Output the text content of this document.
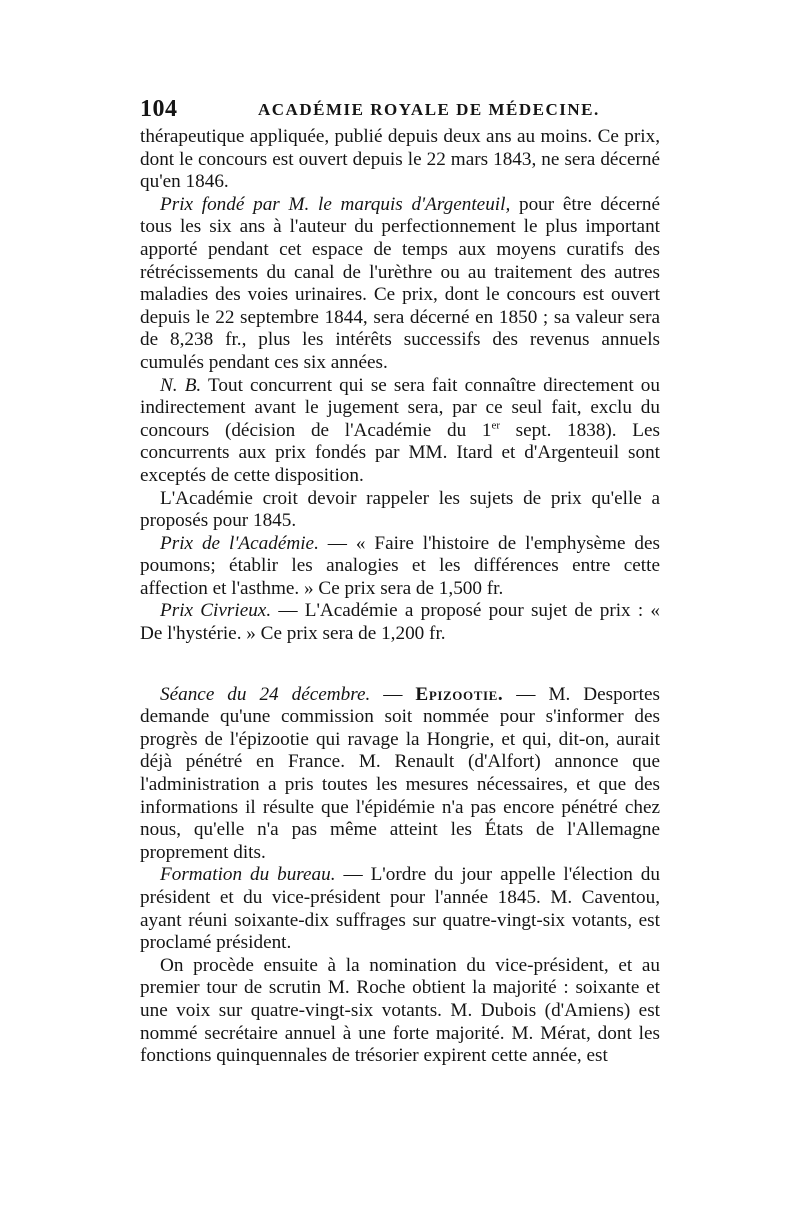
104	ACADÉMIE ROYALE DE MÉDECINE.

thérapeutique appliquée, publié depuis deux ans au moins. Ce prix, dont le concours est ouvert depuis le 22 mars 1843, ne sera décerné qu'en 1846.

Prix fondé par M. le marquis d'Argenteuil, pour être décerné tous les six ans à l'auteur du perfectionnement le plus important apporté pendant cet espace de temps aux moyens curatifs des rétrécissements du canal de l'urèthre ou au traitement des autres maladies des voies urinaires. Ce prix, dont le concours est ouvert depuis le 22 septembre 1844, sera décerné en 1850 ; sa valeur sera de 8,238 fr., plus les intérêts successifs des revenus annuels cumulés pendant ces six années.

N. B. Tout concurrent qui se sera fait connaître directement ou indirectement avant le jugement sera, par ce seul fait, exclu du concours (décision de l'Académie du 1er sept. 1838). Les concurrents aux prix fondés par MM. Itard et d'Argenteuil sont exceptés de cette disposition.

L'Académie croit devoir rappeler les sujets de prix qu'elle a proposés pour 1845.

Prix de l'Académie. — « Faire l'histoire de l'emphysème des poumons; établir les analogies et les différences entre cette affection et l'asthme. » Ce prix sera de 1,500 fr.

Prix Civrieux. — L'Académie a proposé pour sujet de prix : « De l'hystérie. » Ce prix sera de 1,200 fr.

Séance du 24 décembre. — Epizootie. — M. Desportes demande qu'une commission soit nommée pour s'informer des progrès de l'épizootie qui ravage la Hongrie, et qui, dit-on, aurait déjà pénétré en France. M. Renault (d'Alfort) annonce que l'administration a pris toutes les mesures nécessaires, et que des informations il résulte que l'épidémie n'a pas encore pénétré chez nous, qu'elle n'a pas même atteint les États de l'Allemagne proprement dits.

Formation du bureau. — L'ordre du jour appelle l'élection du président et du vice-président pour l'année 1845. M. Caventou, ayant réuni soixante-dix suffrages sur quatre-vingt-six votants, est proclamé président.

On procède ensuite à la nomination du vice-président, et au premier tour de scrutin M. Roche obtient la majorité : soixante et une voix sur quatre-vingt-six votants. M. Dubois (d'Amiens) est nommé secrétaire annuel à une forte majorité. M. Mérat, dont les fonctions quinquennales de trésorier expirent cette année, est
